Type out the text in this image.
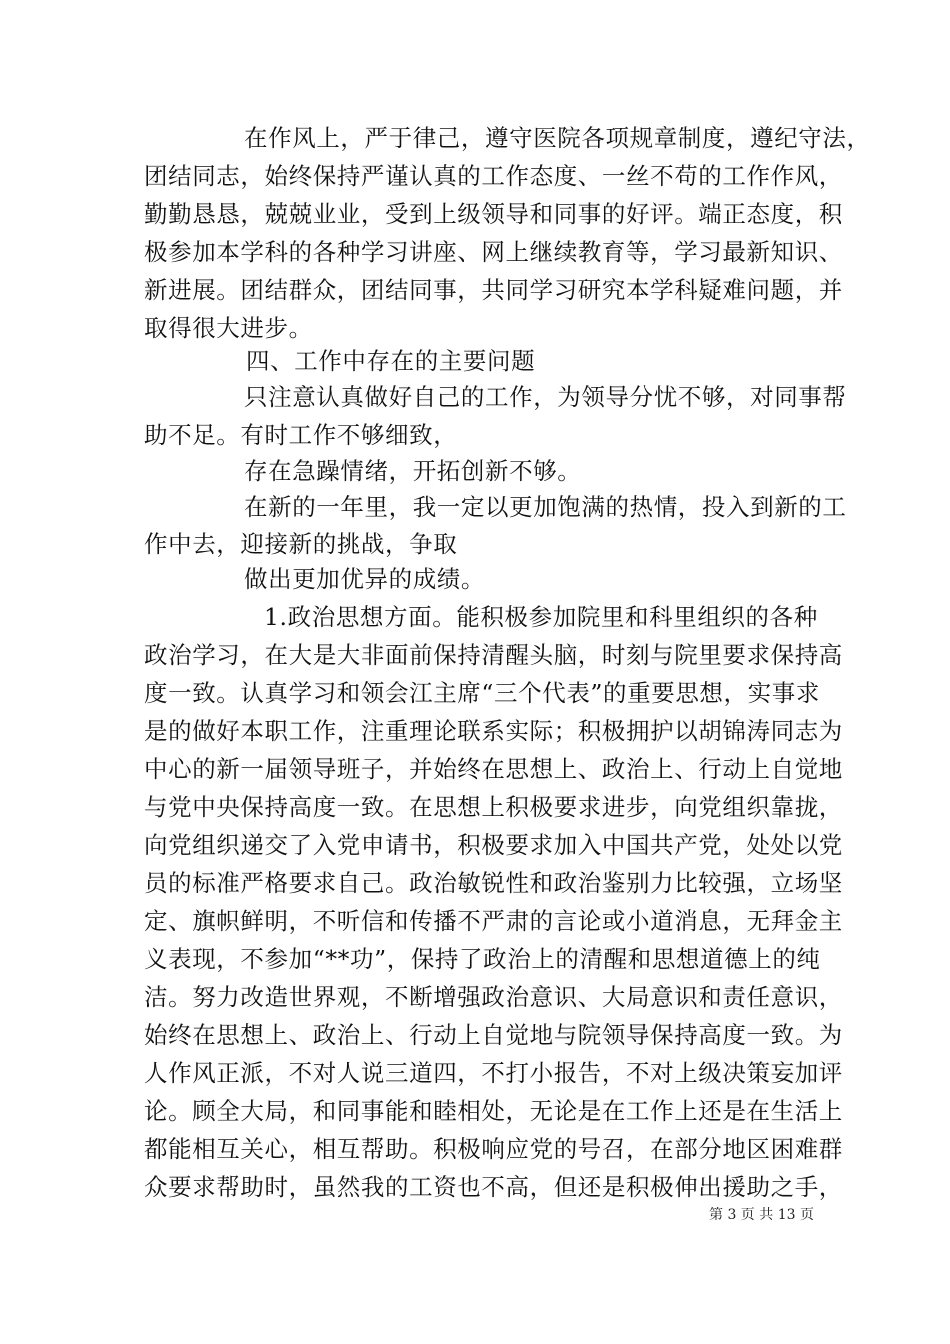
在作风上，严于律己，遵守医院各项规章制度，遵纪守法，
团结同志，始终保持严谨认真的工作态度、一丝不苟的工作作风，
勤勤恳恳，兢兢业业，受到上级领导和同事的好评。端正态度，积
极参加本学科的各种学习讲座、网上继续教育等，学习最新知识、
新进展。团结群众，团结同事，共同学习研究本学科疑难问题，并
取得很大进步。
四、工作中存在的主要问题
只注意认真做好自己的工作，为领导分忧不够，对同事帮
助不足。有时工作不够细致，
存在急躁情绪，开拓创新不够。
在新的一年里，我一定以更加饱满的热情，投入到新的工
作中去，迎接新的挑战，争取
做出更加优异的成绩。
1.政治思想方面。能积极参加院里和科里组织的各种
政治学习，在大是大非面前保持清醒头脑，时刻与院里要求保持高
度一致。认真学习和领会江主席“三个代表”的重要思想，实事求
是的做好本职工作，注重理论联系实际；积极拥护以胡锦涛同志为
中心的新一届领导班子，并始终在思想上、政治上、行动上自觉地
与党中央保持高度一致。在思想上积极要求进步，向党组织靠拢，
向党组织递交了入党申请书，积极要求加入中国共产党，处处以党
员的标准严格要求自己。政治敏锐性和政治鉴别力比较强，立场坚
定、旗帜鲜明，不听信和传播不严肃的言论或小道消息，无拜金主
义表现，不参加“**功”，保持了政治上的清醒和思想道德上的纯
洁。努力改造世界观，不断增强政治意识、大局意识和责任意识，
始终在思想上、政治上、行动上自觉地与院领导保持高度一致。为
人作风正派，不对人说三道四，不打小报告，不对上级决策妄加评
论。顾全大局，和同事能和睦相处，无论是在工作上还是在生活上
都能相互关心，相互帮助。积极响应党的号召，在部分地区困难群
众要求帮助时，虽然我的工资也不高，但还是积极伸出援助之手，
第 3 页 共 13 页
